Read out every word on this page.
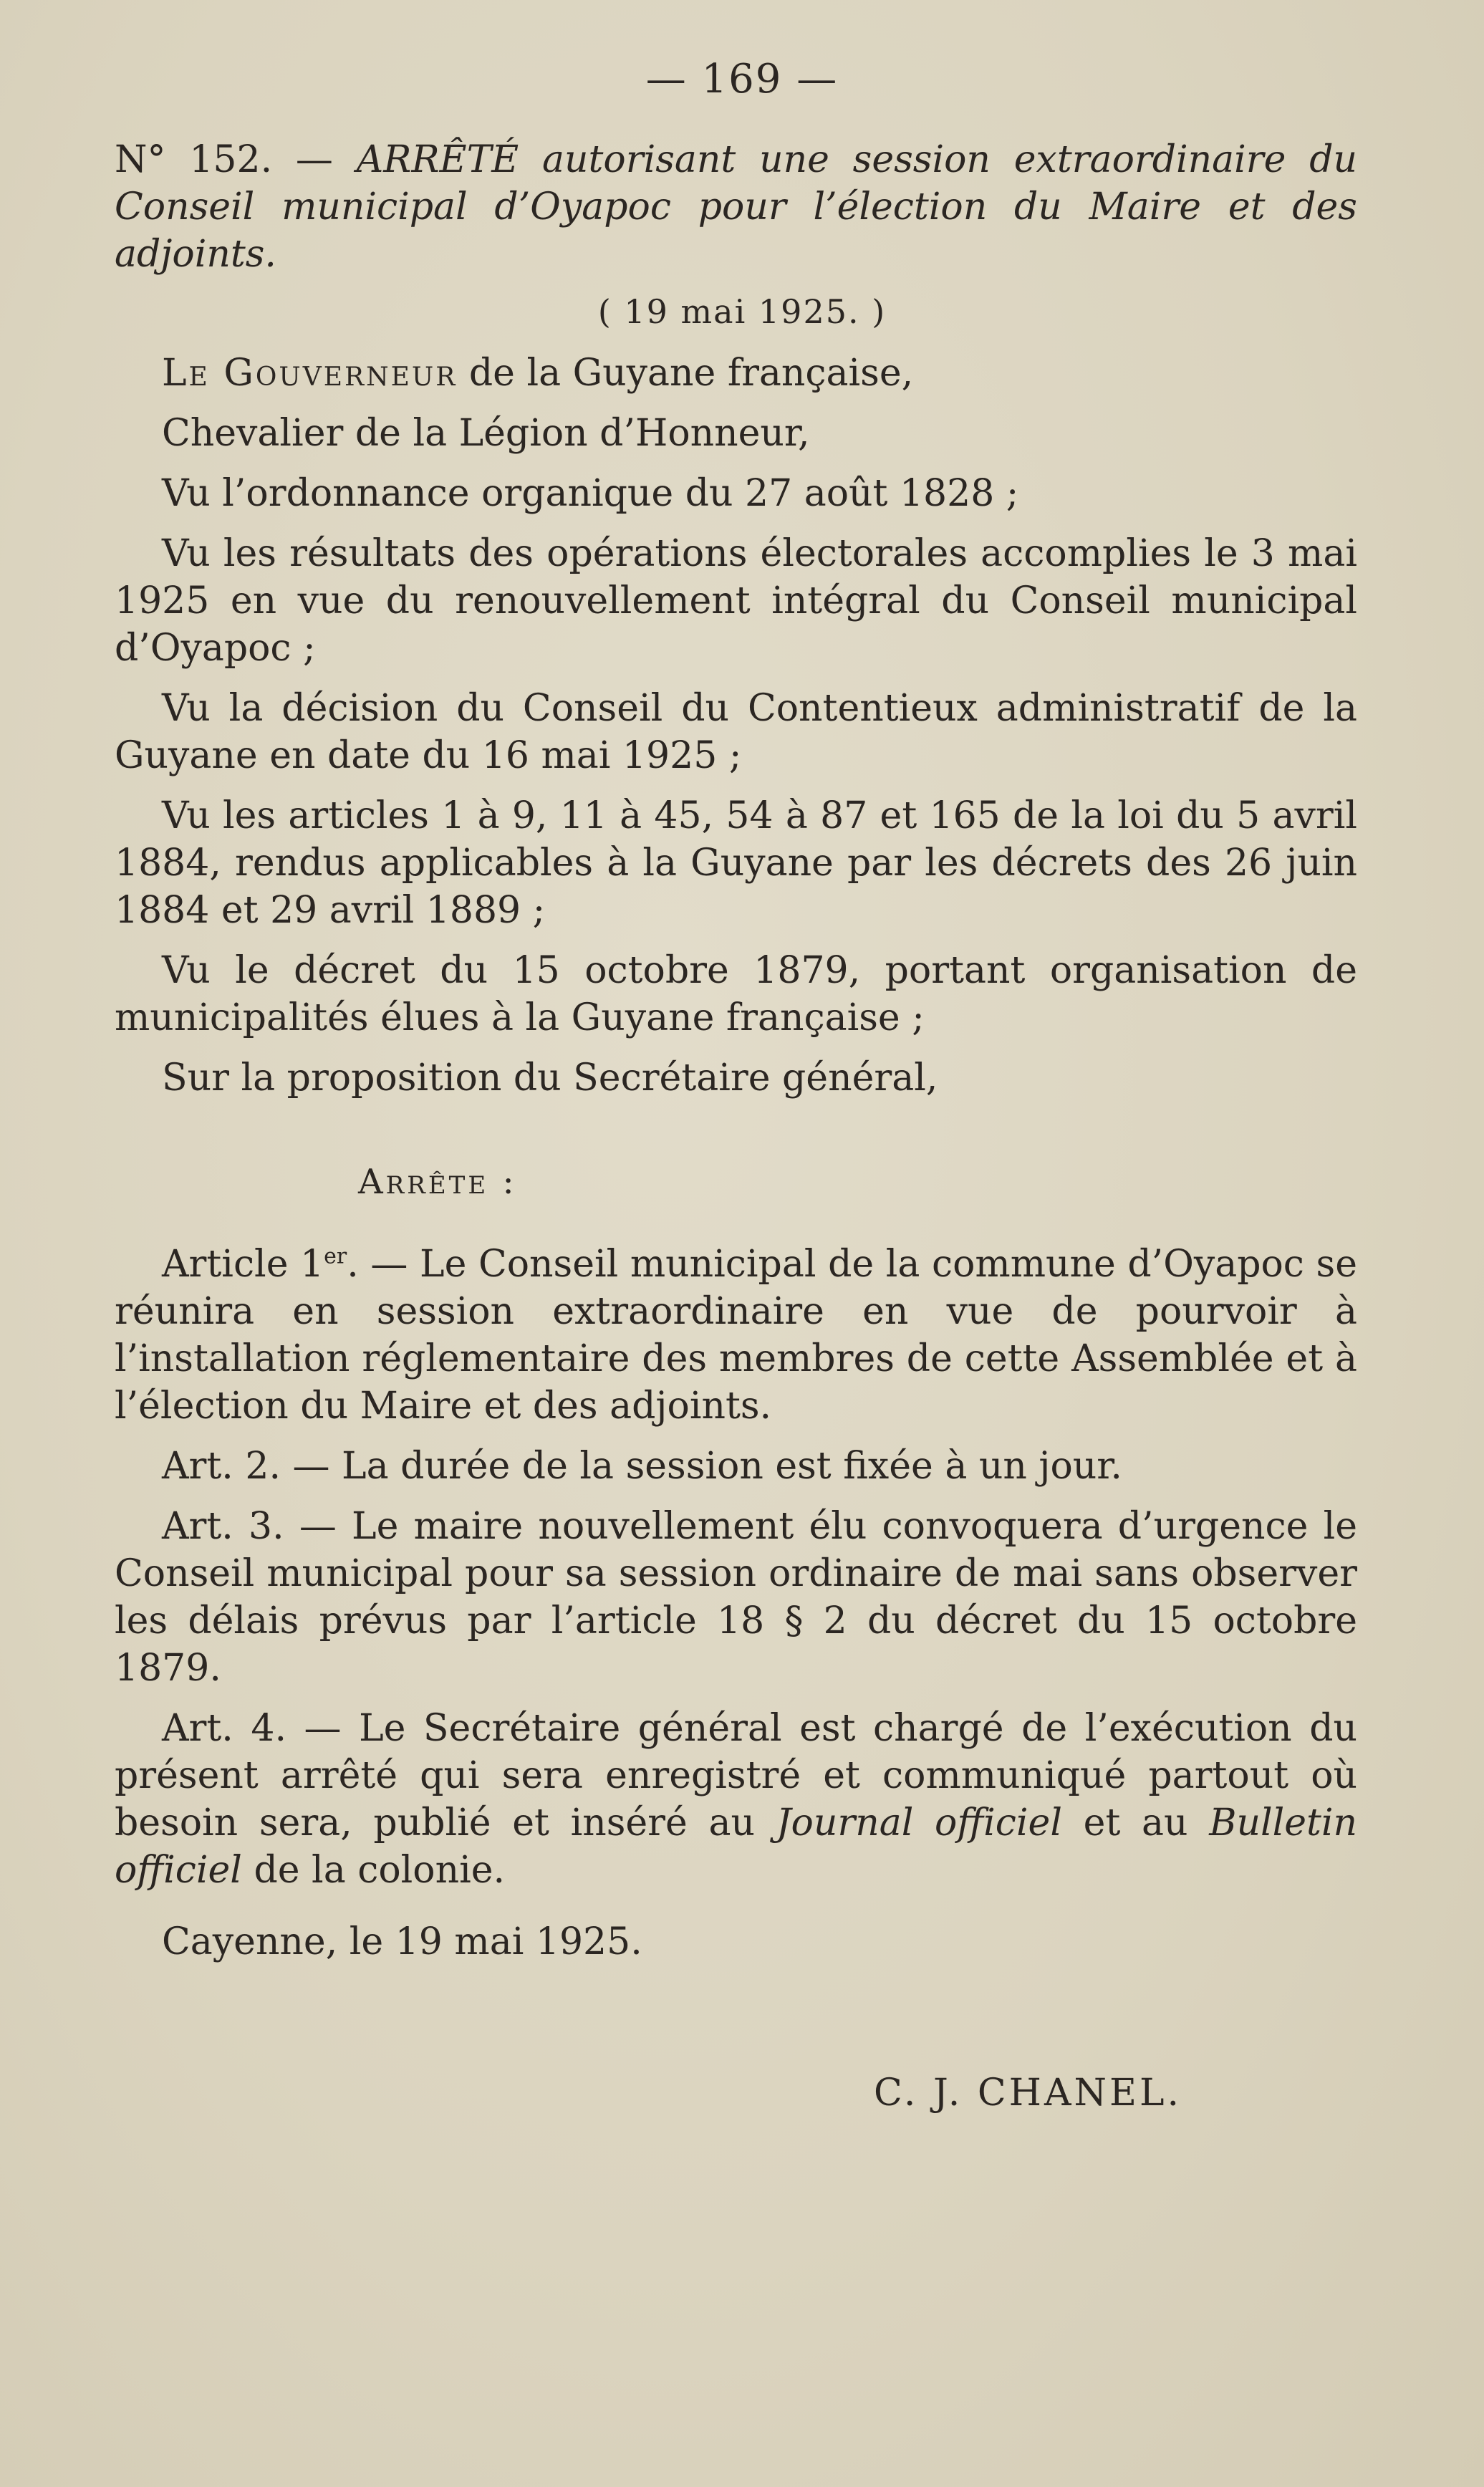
— 169 —
N° 152. — ARRÊTÉ autorisant une session extraordinaire du Conseil municipal d’Oyapoc pour l’élection du Maire et des adjoints.
( 19 mai 1925. )

Le Gouverneur de la Guyane française,

Chevalier de la Légion d’Honneur,

Vu l’ordonnance organique du 27 août 1828 ;

Vu les résultats des opérations électorales accomplies le 3 mai 1925 en vue du renouvellement intégral du Conseil municipal d’Oyapoc ;

Vu la décision du Conseil du Contentieux administratif de la Guyane en date du 16 mai 1925 ;

Vu les articles 1 à 9, 11 à 45, 54 à 87 et 165 de la loi du 5 avril 1884, rendus applicables à la Guyane par les décrets des 26 juin 1884 et 29 avril 1889 ;

Vu le décret du 15 octobre 1879, portant organisation de municipalités élues à la Guyane française ;

Sur la proposition du Secrétaire général,

Arrête :

Article 1er. — Le Conseil municipal de la commune d’Oyapoc se réunira en session extraordinaire en vue de pourvoir à l’installation réglementaire des membres de cette Assemblée et à l’élection du Maire et des adjoints.

Art. 2. — La durée de la session est fixée à un jour.

Art. 3. — Le maire nouvellement élu convoquera d’urgence le Conseil municipal pour sa session ordinaire de mai sans observer les délais prévus par l’article 18 § 2 du décret du 15 octobre 1879.

Art. 4. — Le Secrétaire général est chargé de l’exécution du présent arrêté qui sera enregistré et communiqué partout où besoin sera, publié et inséré au Journal officiel et au Bulletin officiel de la colonie.

Cayenne, le 19 mai 1925.

C. J. CHANEL.
